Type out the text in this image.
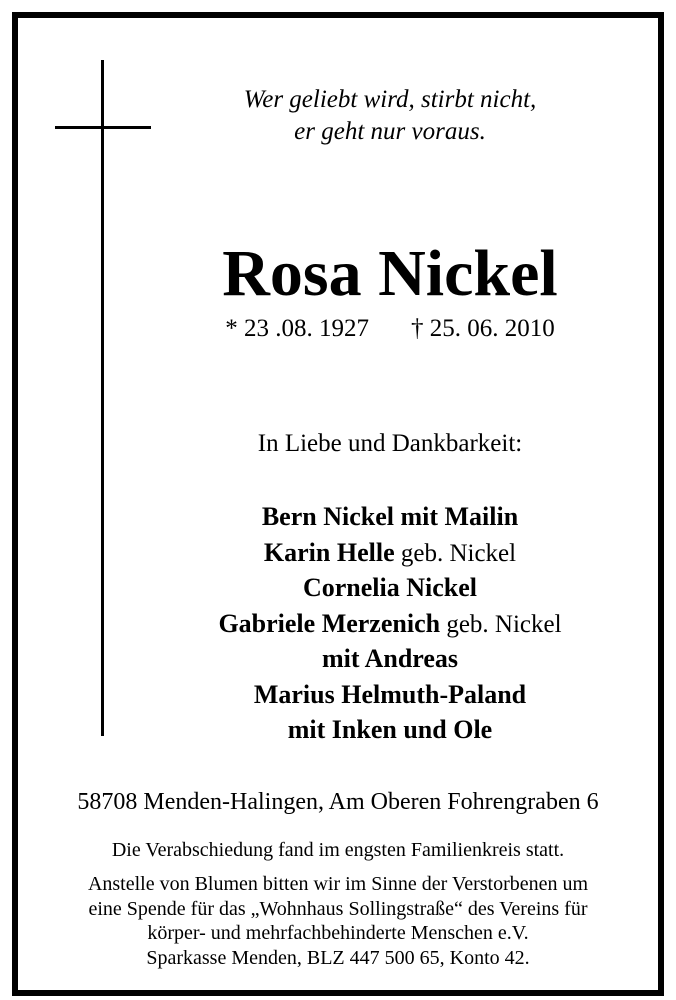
Wer geliebt wird, stirbt nicht,
er geht nur voraus.
Rosa Nickel
* 23 .08. 1927 † 25. 06. 2010
In Liebe und Dankbarkeit:
Bern Nickel mit Mailin
Karin Helle geb. Nickel
Cornelia Nickel
Gabriele Merzenich geb. Nickel
mit Andreas
Marius Helmuth-Paland
mit Inken und Ole
58708 Menden-Halingen, Am Oberen Fohrengraben 6
Die Verabschiedung fand im engsten Familienkreis statt.
Anstelle von Blumen bitten wir im Sinne der Verstorbenen um
eine Spende für das „Wohnhaus Sollingstraße“ des Vereins für
körper- und mehrfachbehinderte Menschen e.V.
Sparkasse Menden, BLZ 447 500 65, Konto 42.
